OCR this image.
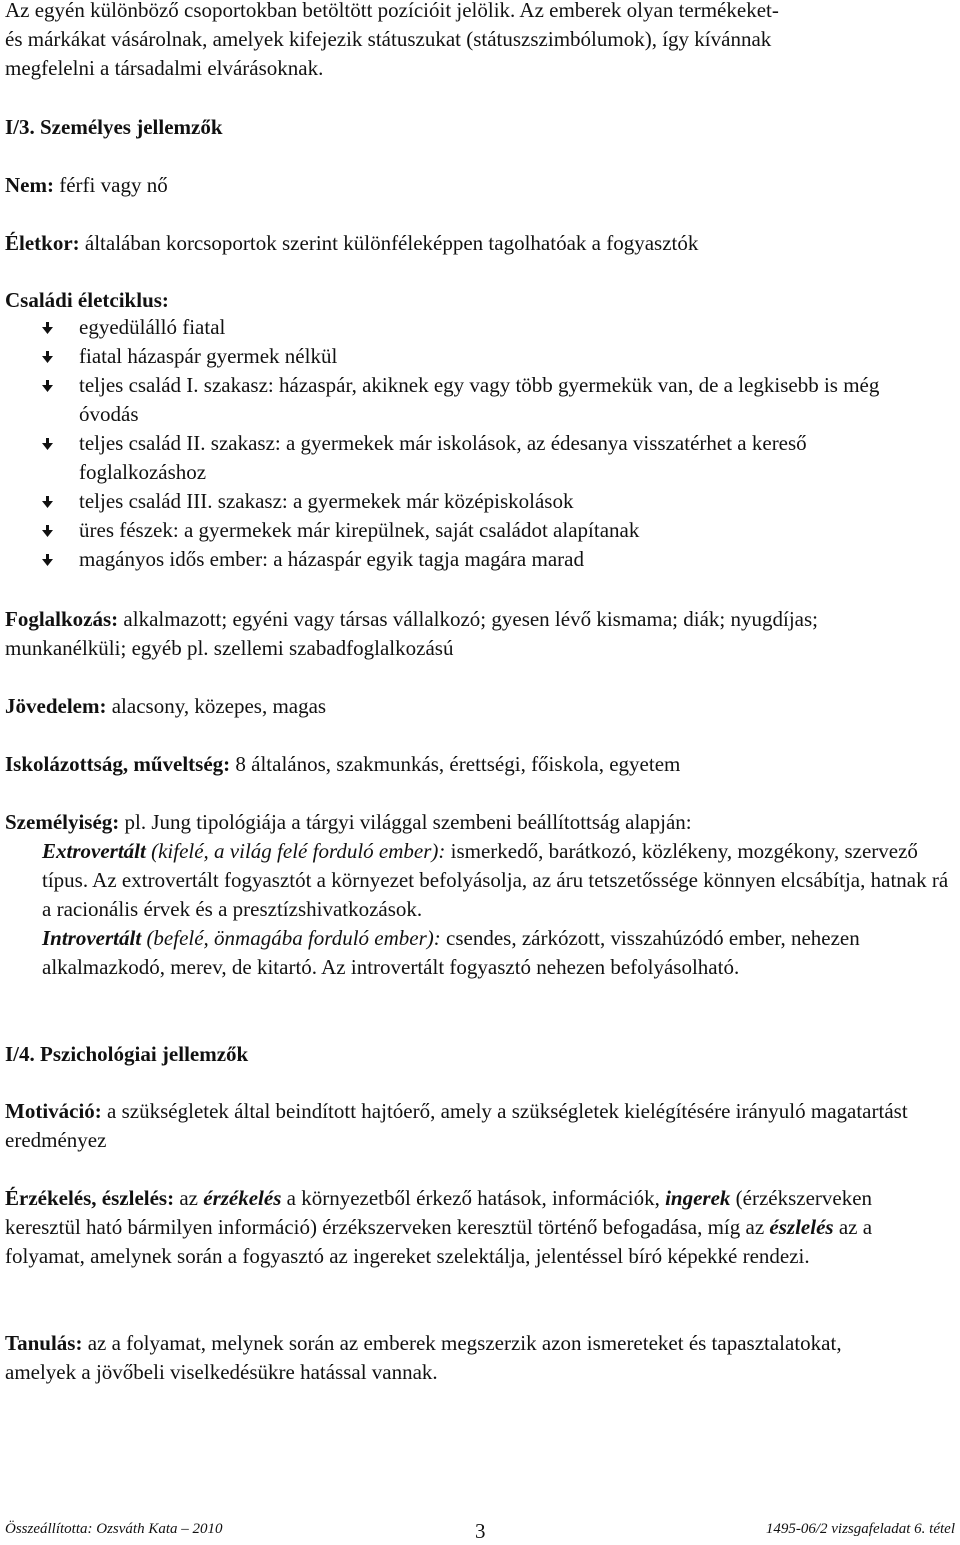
Az egyén különböző csoportokban betöltött pozícióit jelölik. Az emberek olyan termékeket-
és márkákat vásárolnak, amelyek kifejezik státuszukat (státuszszimbólumok), így kívánnak
megfelelni a társadalmi elvárásoknak.
I/3. Személyes jellemzők
Nem: férfi vagy nő
Életkor: általában korcsoportok szerint különféleképpen tagolhatóak a fogyasztók
Családi életciklus:
egyedülálló fiatal
fiatal házaspár gyermek nélkül
teljes család I. szakasz: házaspár, akiknek egy vagy több gyermekük van, de a legkisebb is még óvodás
teljes család II. szakasz: a gyermekek már iskolások, az édesanya visszatérhet a kereső foglalkozáshoz
teljes család III. szakasz: a gyermekek már középiskolások
üres fészek: a gyermekek már kirepülnek, saját családot alapítanak
magányos idős ember: a házaspár egyik tagja magára marad
Foglalkozás: alkalmazott; egyéni vagy társas vállalkozó; gyesen lévő kismama; diák; nyugdíjas; munkanélküli; egyéb pl. szellemi szabadfoglalkozású
Jövedelem: alacsony, közepes, magas
Iskolázottság, műveltség: 8 általános, szakmunkás, érettségi, főiskola, egyetem
Személyiség: pl. Jung tipológiája a tárgyi világgal szembeni beállítottság alapján:
Extrovertált (kifelé, a világ felé forduló ember): ismerkedő, barátkozó, közlékeny, mozgékony, szervező típus. Az extrovertált fogyasztót a környezet befolyásolja, az áru tetszetőssége könnyen elcsábítja, hatnak rá a racionális érvek és a presztízshivatkozások.
Introvertált (befelé, önmagába forduló ember): csendes, zárkózott, visszahúzódó ember, nehezen alkalmazkodó, merev, de kitartó. Az introvertált fogyasztó nehezen befolyásolható.
I/4. Pszichológiai jellemzők
Motiváció: a szükségletek által beindított hajtóerő, amely a szükségletek kielégítésére irányuló magatartást eredményez
Érzékelés, észlelés: az érzékelés a környezetből érkező hatások, információk, ingerek (érzékszerveken keresztül ható bármilyen információ) érzékszerveken keresztül történő befogadása, míg az észlelés az a folyamat, amelynek során a fogyasztó az ingereket szelektálja, jelentéssel bíró képekké rendezi.
Tanulás: az a folyamat, melynek során az emberek megszerzik azon ismereteket és tapasztalatokat, amelyek a jövőbeli viselkedésükre hatással vannak.
Összeállította: Ozsváth Kata – 2010	3	1495-06/2 vizsgafeladat 6. tétel
